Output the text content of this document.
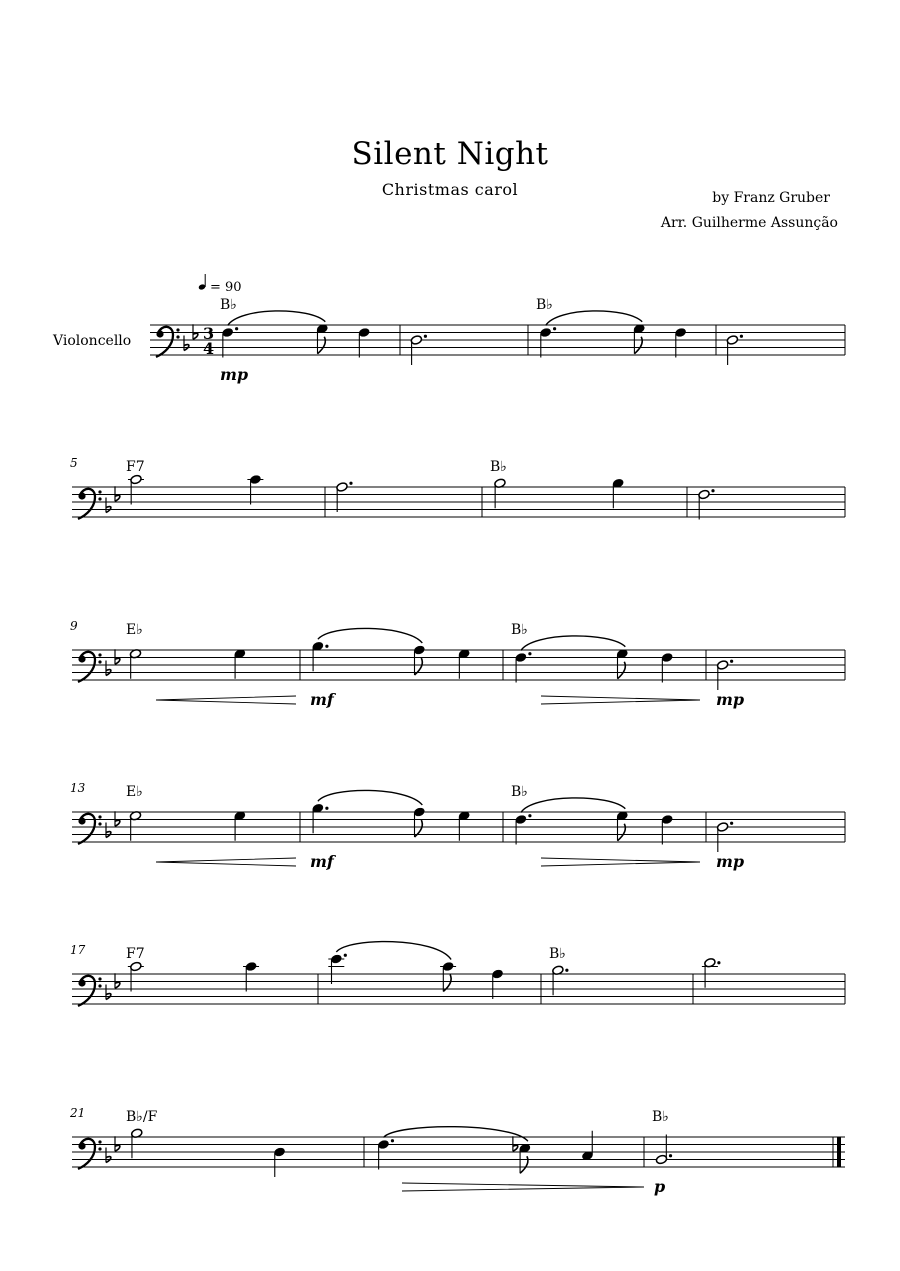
Silent Night
Christmas carol	by Franz Gruber
Arr. Guilherme Assunção
3
4
Violoncello
= 90
B♭	B♭
mp
5	F7	B♭
9	E♭	B♭
mf	mp
13	E♭	B♭
mf	mp
17	F7	B♭
21	B♭/F	B♭
p
